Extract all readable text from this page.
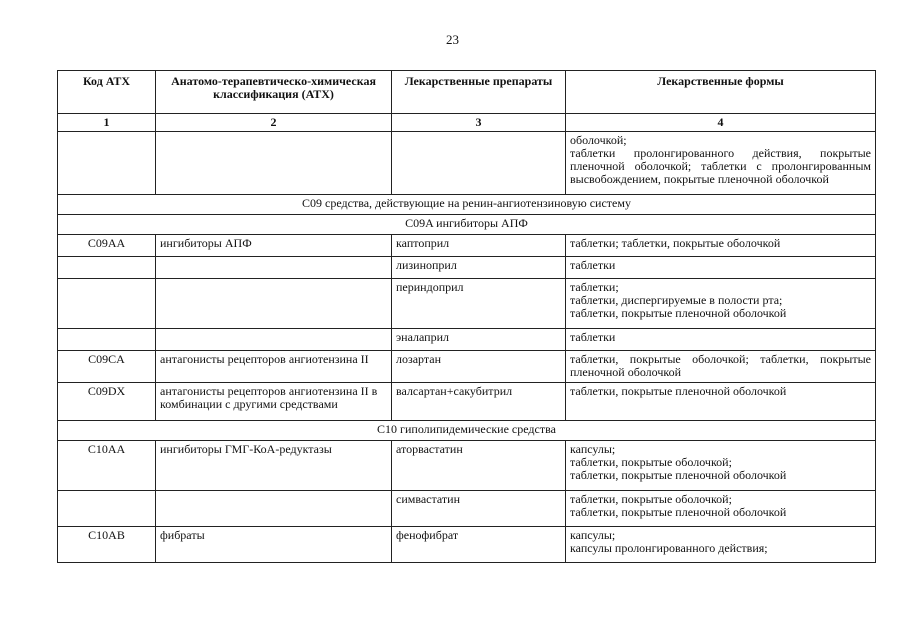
23
Код АТХ	Анатомо-терапевтическо-химическая классификация (АТХ)	Лекарственные препараты	Лекарственные формы
1	2	3	4
			оболочкой;
таблетки пролонгированного действия, покрытые пленочной оболочкой; таблетки с пролонгированным высвобождением, покрытые пленочной оболочкой
C09 средства, действующие на ренин-ангиотензиновую систему			
C09A ингибиторы АПФ			
C09AA	ингибиторы АПФ	каптоприл	таблетки; таблетки, покрытые оболочкой
		лизиноприл	таблетки
		периндоприл	таблетки;
таблетки, диспергируемые в полости рта;
таблетки, покрытые пленочной оболочкой
		эналаприл	таблетки
C09CA	антагонисты рецепторов ангиотензина II	лозартан	таблетки, покрытые оболочкой; таблетки, покрытые пленочной оболочкой
C09DX	антагонисты рецепторов ангиотензина II в комбинации с другими средствами	валсартан+сакубитрил	таблетки, покрытые пленочной оболочкой
C10 гиполипидемические средства			
C10AA	ингибиторы ГМГ-КоА-редуктазы	аторвастатин	капсулы;
таблетки, покрытые оболочкой;
таблетки, покрытые пленочной оболочкой
		симвастатин	таблетки, покрытые оболочкой;
таблетки, покрытые пленочной оболочкой
C10AB	фибраты	фенофибрат	капсулы;
капсулы пролонгированного действия;
